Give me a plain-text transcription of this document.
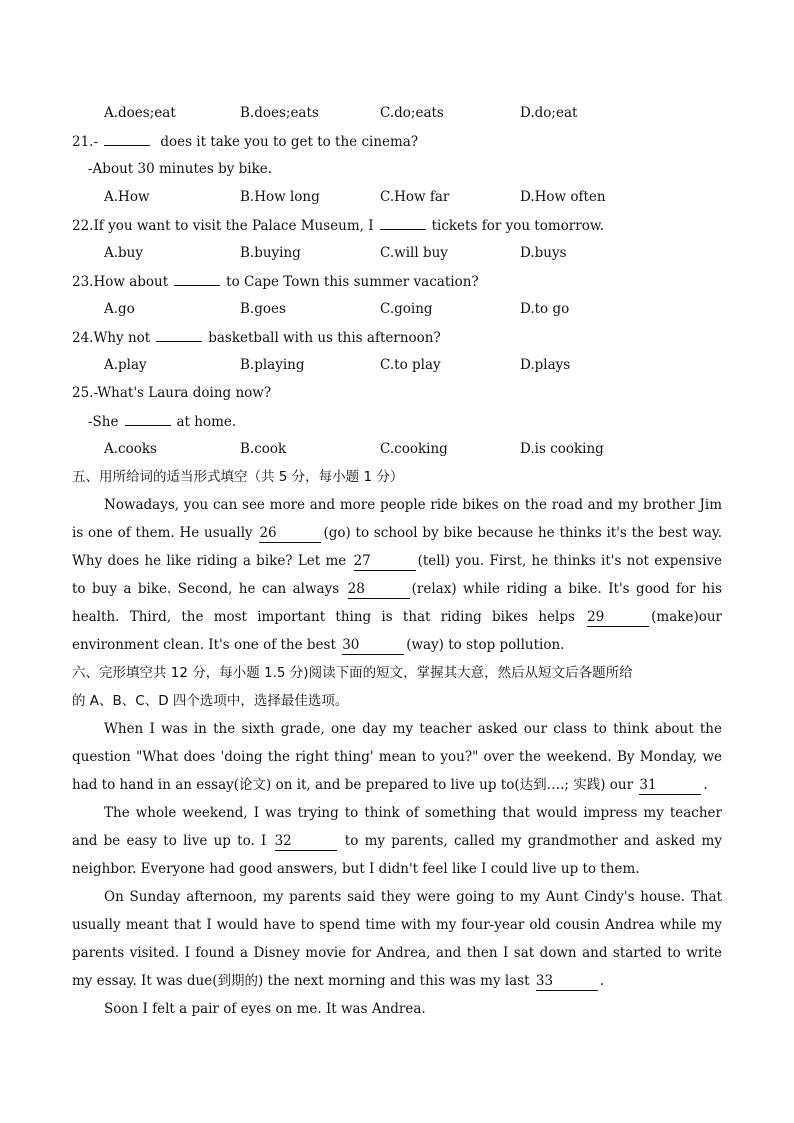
A.does;eat	B.does;eats	C.do;eats	D.do;eat
21.-	does it take you to get to the cinema?
-About 30 minutes by bike.
A.How	B.How long	C.How far	D.How often
22.If you want to visit the Palace Museum, I	tickets for you tomorrow.
A.buy	B.buying	C.will buy	D.buys
23.How about	to Cape Town this summer vacation?
A.go	B.goes	C.going	D.to go
24.Why not	basketball with us this afternoon?
A.play	B.playing	C.to play	D.plays
25.-What's Laura doing now?
-She	at home.
A.cooks	B.cook	C.cooking	D.is cooking
五、用所给词的适当形式填空（共 5 分，每小题 1 分）
Nowadays, you can see more and more people ride bikes on the road and my brother Jim is one of them. He usually 26	(go) to school by bike because he thinks it's the best way. Why does he like riding a bike? Let me 27	(tell) you. First, he thinks it's not expensive to buy a bike. Second, he can always 28	(relax) while riding a bike. It's good for his health. Third, the most important thing is that riding bikes helps 29	(make)our environment clean. It's one of the best 30	(way) to stop pollution.
六、完形填空共 12 分，每小题 1.5 分)阅读下面的短文，掌握其大意，然后从短文后各题所给
的 A、B、C、D 四个选项中，选择最佳选项。
When I was in the sixth grade, one day my teacher asked our class to think about the question "What does 'doing the right thing' mean to you?" over the weekend. By Monday, we had to hand in an essay(论文) on it, and be prepared to live up to(达到….; 实践) our 31	.
The whole weekend, I was trying to think of something that would impress my teacher and be easy to live up to. I 32	to my parents, called my grandmother and asked my neighbor. Everyone had good answers, but I didn't feel like I could live up to them.
On Sunday afternoon, my parents said they were going to my Aunt Cindy's house. That usually meant that I would have to spend time with my four-year old cousin Andrea while my parents visited. I found a Disney movie for Andrea, and then I sat down and started to write my essay. It was due(到期的) the next morning and this was my last 33	.
Soon I felt a pair of eyes on me. It was Andrea.
